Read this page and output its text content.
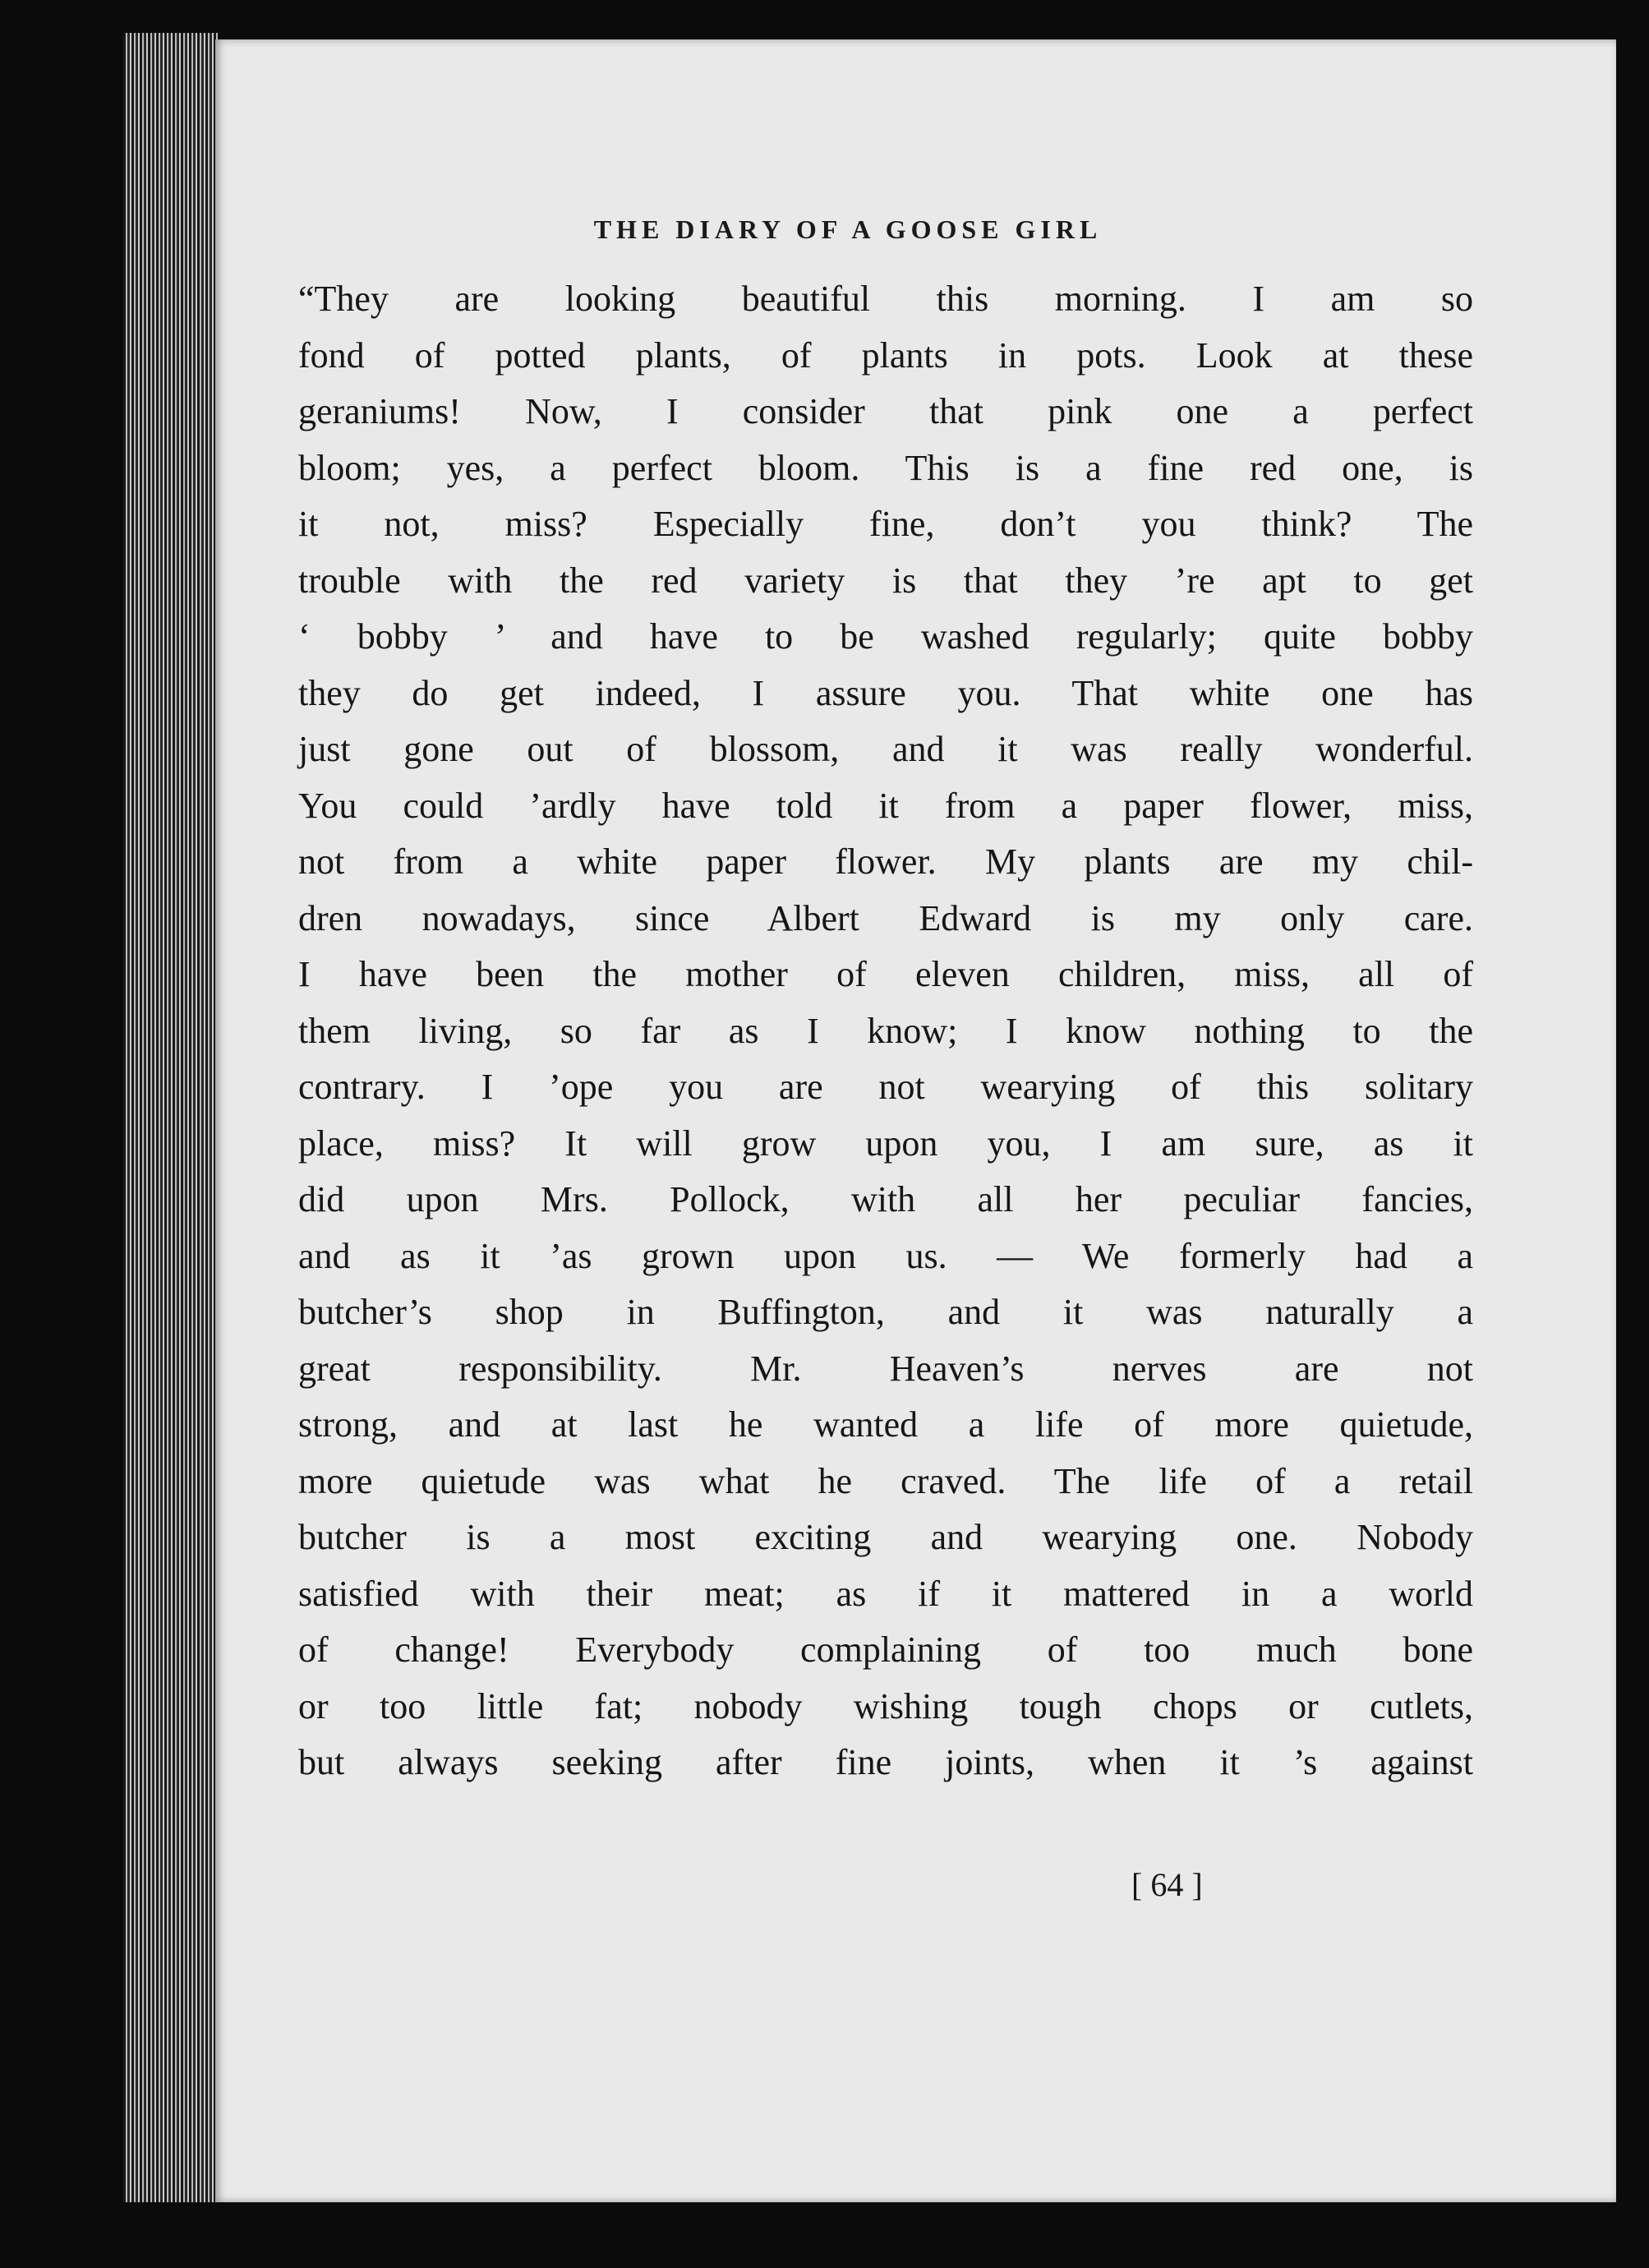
THE DIARY OF A GOOSE GIRL
[ 64 ]
“They are looking beautiful this morning. I am so
fond of potted plants, of plants in pots. Look at these
geraniums! Now, I consider that pink one a perfect
bloom; yes, a perfect bloom. This is a fine red one, is
it not, miss? Especially fine, don’t you think? The
trouble with the red variety is that they ’re apt to get
‘ bobby ’ and have to be washed regularly; quite bobby
they do get indeed, I assure you. That white one has
just gone out of blossom, and it was really wonderful.
You could ’ardly have told it from a paper flower, miss,
not from a white paper flower. My plants are my chil-
dren nowadays, since Albert Edward is my only care.
I have been the mother of eleven children, miss, all of
them living, so far as I know; I know nothing to the
contrary. I ’ope you are not wearying of this solitary
place, miss? It will grow upon you, I am sure, as it
did upon Mrs. Pollock, with all her peculiar fancies,
and as it ’as grown upon us. — We formerly had a
butcher’s shop in Buffington, and it was naturally a
great responsibility. Mr. Heaven’s nerves are not
strong, and at last he wanted a life of more quietude,
more quietude was what he craved. The life of a retail
butcher is a most exciting and wearying one. Nobody
satisfied with their meat; as if it mattered in a world
of change! Everybody complaining of too much bone
or too little fat; nobody wishing tough chops or cutlets,
but always seeking after fine joints, when it ’s against
